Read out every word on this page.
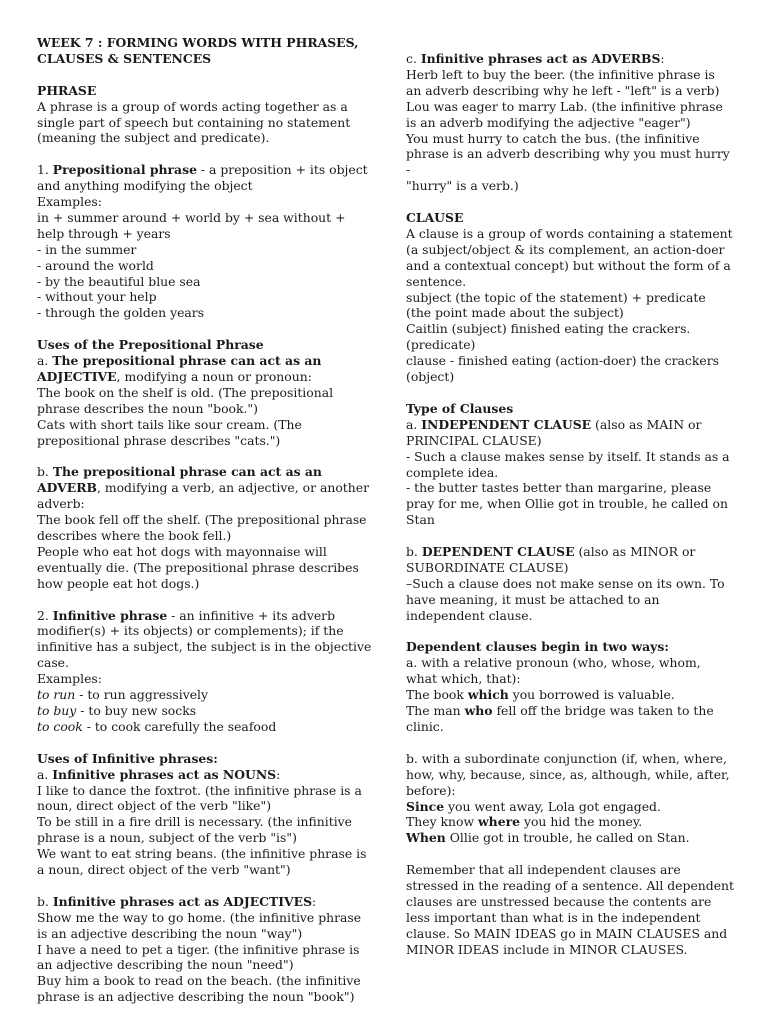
WEEK 7 : FORMING WORDS WITH PHRASES, CLAUSES & SENTENCES

PHRASE

A phrase is a group of words acting together as a single part of speech but containing no statement (meaning the subject and predicate).

1. Prepositional phrase - a preposition + its object and anything modifying the object

Examples:

in + summer around + world by + sea without + help through + years

- in the summer

- around the world

- by the beautiful blue sea

- without your help

- through the golden years

Uses of the Prepositional Phrase

a. The prepositional phrase can act as an ADJECTIVE, modifying a noun or pronoun:

The book on the shelf is old. (The prepositional phrase describes the noun "book.")

Cats with short tails like sour cream. (The prepositional phrase describes "cats.")

b. The prepositional phrase can act as an ADVERB, modifying a verb, an adjective, or another adverb:

The book fell off the shelf. (The prepositional phrase describes where the book fell.)

People who eat hot dogs with mayonnaise will eventually die. (The prepositional phrase describes how people eat hot dogs.)

2. Infinitive phrase - an infinitive + its adverb modifier(s) + its objects) or complements); if the infinitive has a subject, the subject is in the objective case.

Examples:

to run - to run aggressively

to buy - to buy new socks

to cook - to cook carefully the seafood

Uses of Infinitive phrases:

a. Infinitive phrases act as NOUNS:

I like to dance the foxtrot. (the infinitive phrase is a noun, direct object of the verb "like")

To be still in a fire drill is necessary. (the infinitive phrase is a noun, subject of the verb "is")

We want to eat string beans. (the infinitive phrase is a noun, direct object of the verb "want")

b. Infinitive phrases act as ADJECTIVES:

Show me the way to go home. (the infinitive phrase is an adjective describing the noun "way")

I have a need to pet a tiger. (the infinitive phrase is an adjective describing the noun "need")

Buy him a book to read on the beach. (the infinitive phrase is an adjective describing the noun "book")

c. Infinitive phrases act as ADVERBS:

Herb left to buy the beer. (the infinitive phrase is an adverb describing why he left - "left" is a verb)

Lou was eager to marry Lab. (the infinitive phrase is an adverb modifying the adjective "eager")

You must hurry to catch the bus. (the infinitive phrase is an adverb describing why you must hurry -

"hurry" is a verb.)

CLAUSE

A clause is a group of words containing a statement (a subject/object & its complement, an action-doer and a contextual concept) but without the form of a sentence.

subject (the topic of the statement) + predicate (the point made about the subject)

Caitlin (subject) finished eating the crackers. (predicate)

clause - finished eating (action-doer) the crackers (object)

Type of Clauses

a. INDEPENDENT CLAUSE (also as MAIN or PRINCIPAL CLAUSE)

- Such a clause makes sense by itself. It stands as a complete idea.

- the butter tastes better than margarine, please pray for me, when Ollie got in trouble, he called on Stan

b. DEPENDENT CLAUSE (also as MINOR or SUBORDINATE CLAUSE)

–Such a clause does not make sense on its own. To have meaning, it must be attached to an independent clause.

Dependent clauses begin in two ways:

a. with a relative pronoun (who, whose, whom, what which, that):

The book which you borrowed is valuable.

The man who fell off the bridge was taken to the clinic.

b. with a subordinate conjunction (if, when, where, how, why, because, since, as, although, while, after, before):

Since you went away, Lola got engaged.

They know where you hid the money.

When Ollie got in trouble, he called on Stan.

Remember that all independent clauses are stressed in the reading of a sentence. All dependent clauses are unstressed because the contents are less important than what is in the independent clause. So MAIN IDEAS go in MAIN CLAUSES and MINOR IDEAS include in MINOR CLAUSES.
